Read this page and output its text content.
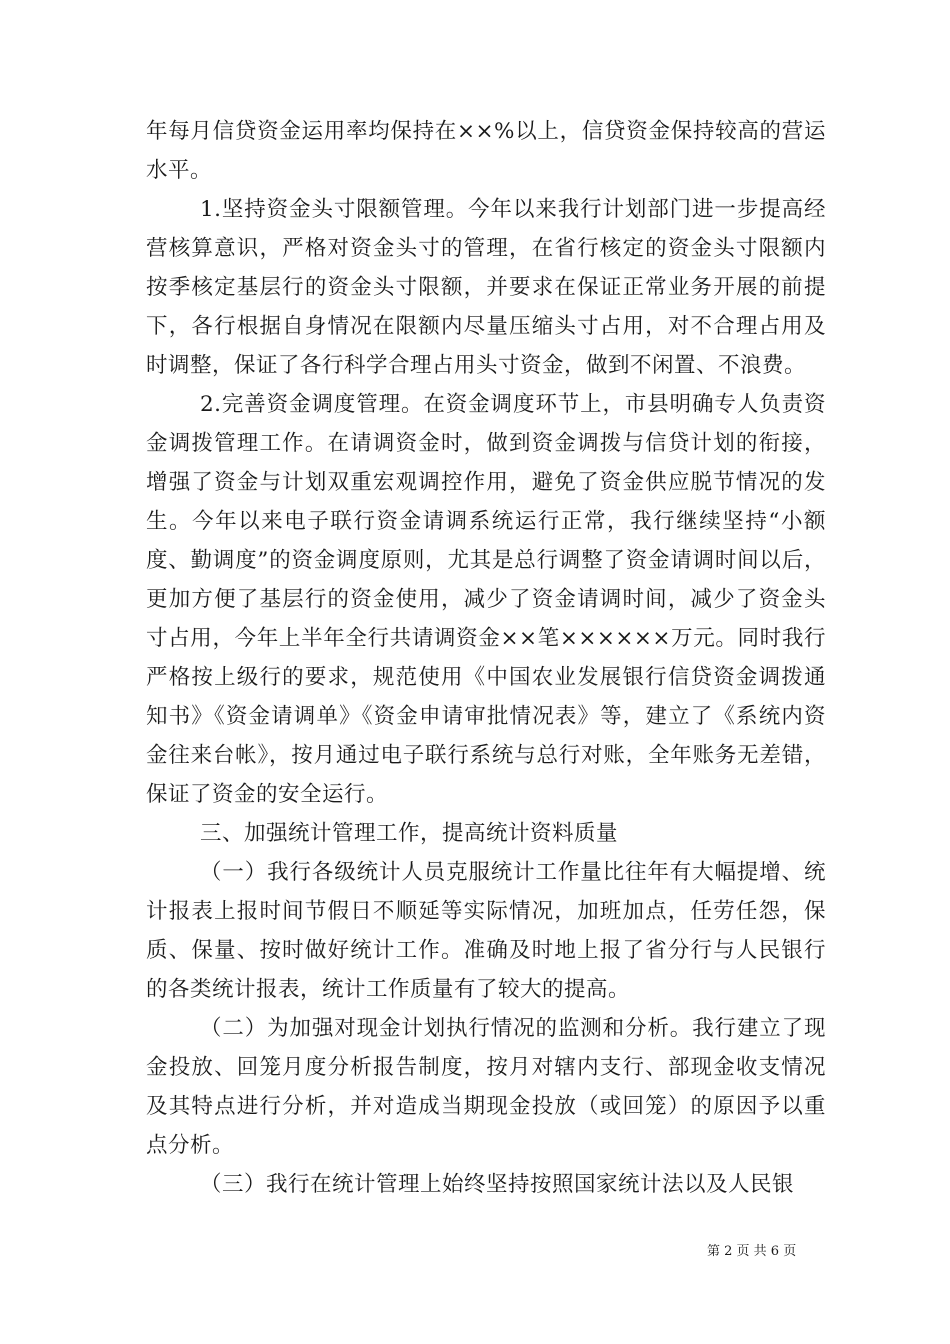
年每月信贷资金运用率均保持在××%以上，信贷资金保持较高的营运水平。

1.坚持资金头寸限额管理。今年以来我行计划部门进一步提高经营核算意识，严格对资金头寸的管理，在省行核定的资金头寸限额内按季核定基层行的资金头寸限额，并要求在保证正常业务开展的前提下，各行根据自身情况在限额内尽量压缩头寸占用，对不合理占用及时调整，保证了各行科学合理占用头寸资金，做到不闲置、不浪费。

2.完善资金调度管理。在资金调度环节上，市县明确专人负责资金调拨管理工作。在请调资金时，做到资金调拨与信贷计划的衔接，增强了资金与计划双重宏观调控作用，避免了资金供应脱节情况的发生。今年以来电子联行资金请调系统运行正常，我行继续坚持“小额度、勤调度”的资金调度原则，尤其是总行调整了资金请调时间以后，更加方便了基层行的资金使用，减少了资金请调时间，减少了资金头寸占用，今年上半年全行共请调资金××笔××××××万元。同时我行严格按上级行的要求，规范使用《中国农业发展银行信贷资金调拨通知书》《资金请调单》《资金申请审批情况表》等，建立了《系统内资金往来台帐》，按月通过电子联行系统与总行对账，全年账务无差错，保证了资金的安全运行。

三、加强统计管理工作，提高统计资料质量

（一）我行各级统计人员克服统计工作量比往年有大幅提增、统计报表上报时间节假日不顺延等实际情况，加班加点，任劳任怨，保质、保量、按时做好统计工作。准确及时地上报了省分行与人民银行的各类统计报表，统计工作质量有了较大的提高。

（二）为加强对现金计划执行情况的监测和分析。我行建立了现金投放、回笼月度分析报告制度，按月对辖内支行、部现金收支情况及其特点进行分析，并对造成当期现金投放（或回笼）的原因予以重点分析。

（三）我行在统计管理上始终坚持按照国家统计法以及人民银

第 2 页 共 6 页
